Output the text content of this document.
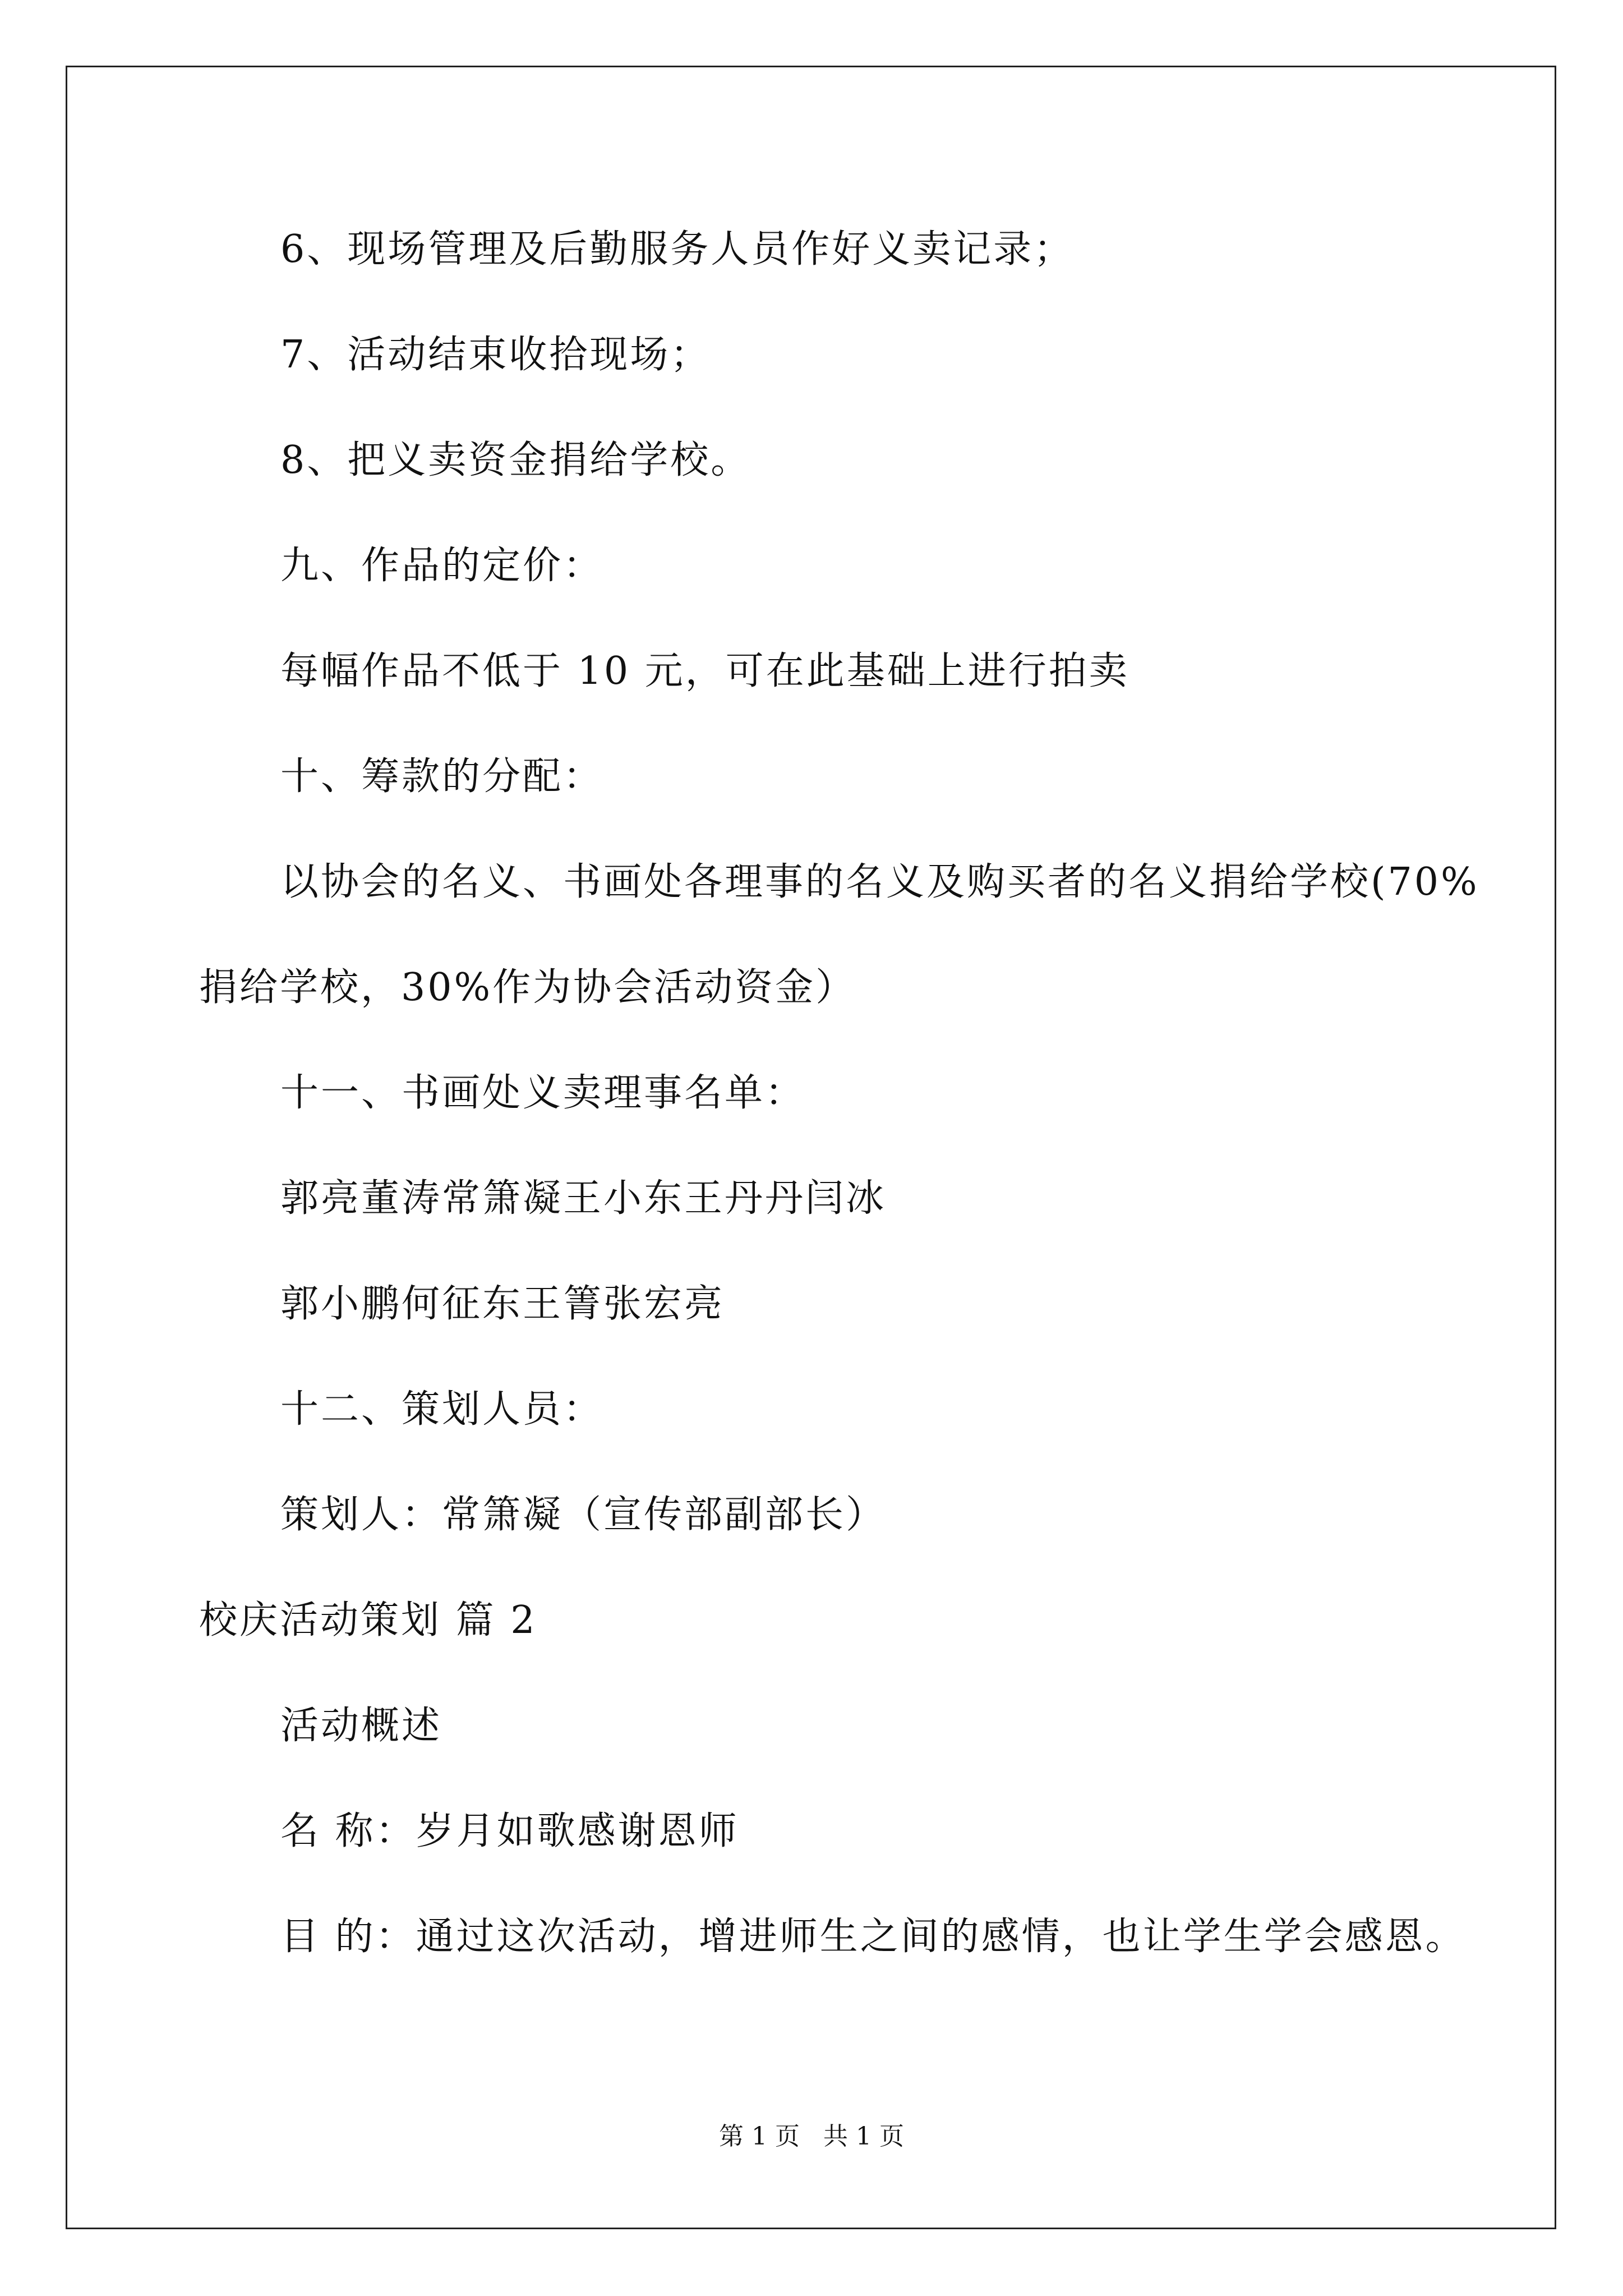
6、现场管理及后勤服务人员作好义卖记录；
7、活动结束收拾现场；
8、把义卖资金捐给学校。
九、作品的定价：
每幅作品不低于 10 元，可在此基础上进行拍卖
十、筹款的分配：
以协会的名义、书画处各理事的名义及购买者的名义捐给学校(70%
捐给学校，30%作为协会活动资金）
十一、书画处义卖理事名单：
郭亮董涛常箫凝王小东王丹丹闫冰
郭小鹏何征东王箐张宏亮
十二、策划人员：
策划人：常箫凝（宣传部副部长）
校庆活动策划 篇 2
活动概述
名 称：岁月如歌感谢恩师
目 的：通过这次活动，增进师生之间的感情，也让学生学会感恩。
第 1 页   共 1 页
